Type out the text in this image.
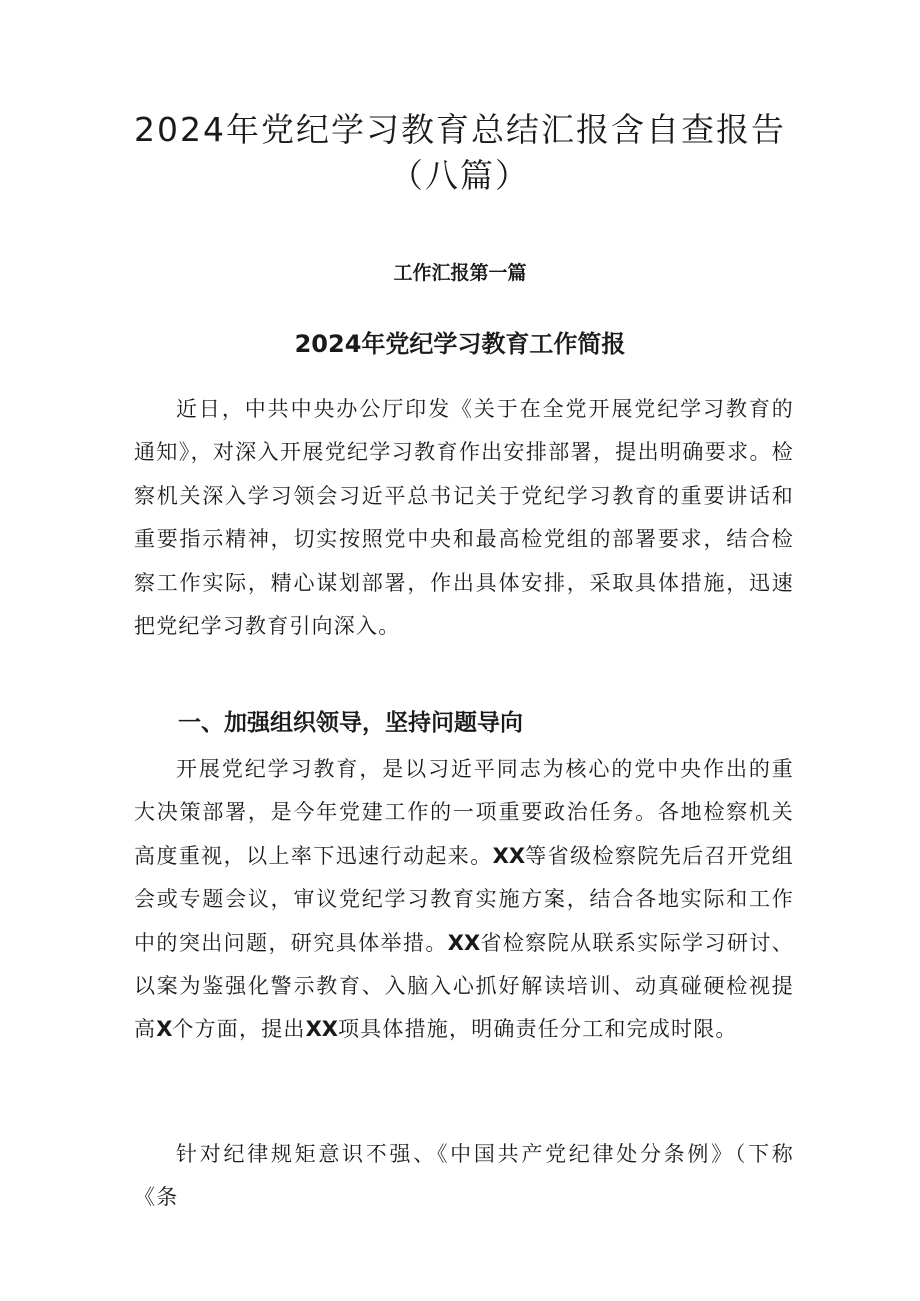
2024年党纪学习教育总结汇报含自查报告
（八篇）
工作汇报第一篇
2024年党纪学习教育工作简报

近日，中共中央办公厅印发《关于在全党开展党纪学习教育的通知》，对深入开展党纪学习教育作出安排部署，提出明确要求。检察机关深入学习领会习近平总书记关于党纪学习教育的重要讲话和重要指示精神，切实按照党中央和最高检党组的部署要求，结合检察工作实际，精心谋划部署，作出具体安排，采取具体措施，迅速把党纪学习教育引向深入。

一、加强组织领导，坚持问题导向

开展党纪学习教育，是以习近平同志为核心的党中央作出的重大决策部署，是今年党建工作的一项重要政治任务。各地检察机关高度重视，以上率下迅速行动起来。XX等省级检察院先后召开党组会或专题会议，审议党纪学习教育实施方案，结合各地实际和工作中的突出问题，研究具体举措。XX省检察院从联系实际学习研讨、以案为鉴强化警示教育、入脑入心抓好解读培训、动真碰硬检视提高X个方面，提出XX项具体措施，明确责任分工和完成时限。

针对纪律规矩意识不强、《中国共产党纪律处分条例》（下称《条
